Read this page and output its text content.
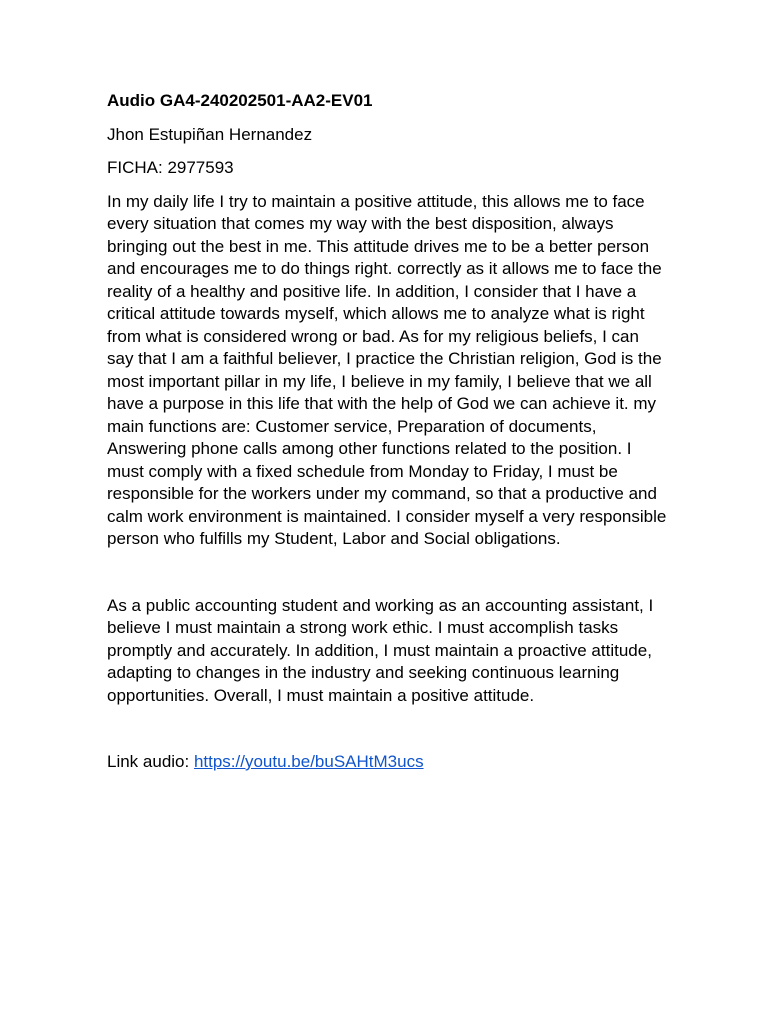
Audio GA4-240202501-AA2-EV01
Jhon Estupiñan Hernandez
FICHA: 2977593

In my daily life I try to maintain a positive attitude, this allows me to face every situation that comes my way with the best disposition, always bringing out the best in me. This attitude drives me to be a better person and encourages me to do things right. correctly as it allows me to face the reality of a healthy and positive life. In addition, I consider that I have a critical attitude towards myself, which allows me to analyze what is right from what is considered wrong or bad. As for my religious beliefs, I can say that I am a faithful believer, I practice the Christian religion, God is the most important pillar in my life, I believe in my family, I believe that we all have a purpose in this life that with the help of God we can achieve it. my main functions are: Customer service, Preparation of documents, Answering phone calls among other functions related to the position. I must comply with a fixed schedule from Monday to Friday, I must be responsible for the workers under my command, so that a productive and calm work environment is maintained. I consider myself a very responsible person who fulfills my Student, Labor and Social obligations.

As a public accounting student and working as an accounting assistant, I believe I must maintain a strong work ethic. I must accomplish tasks promptly and accurately. In addition, I must maintain a proactive attitude, adapting to changes in the industry and seeking continuous learning opportunities. Overall, I must maintain a positive attitude.

Link audio: https://youtu.be/buSAHtM3ucs
